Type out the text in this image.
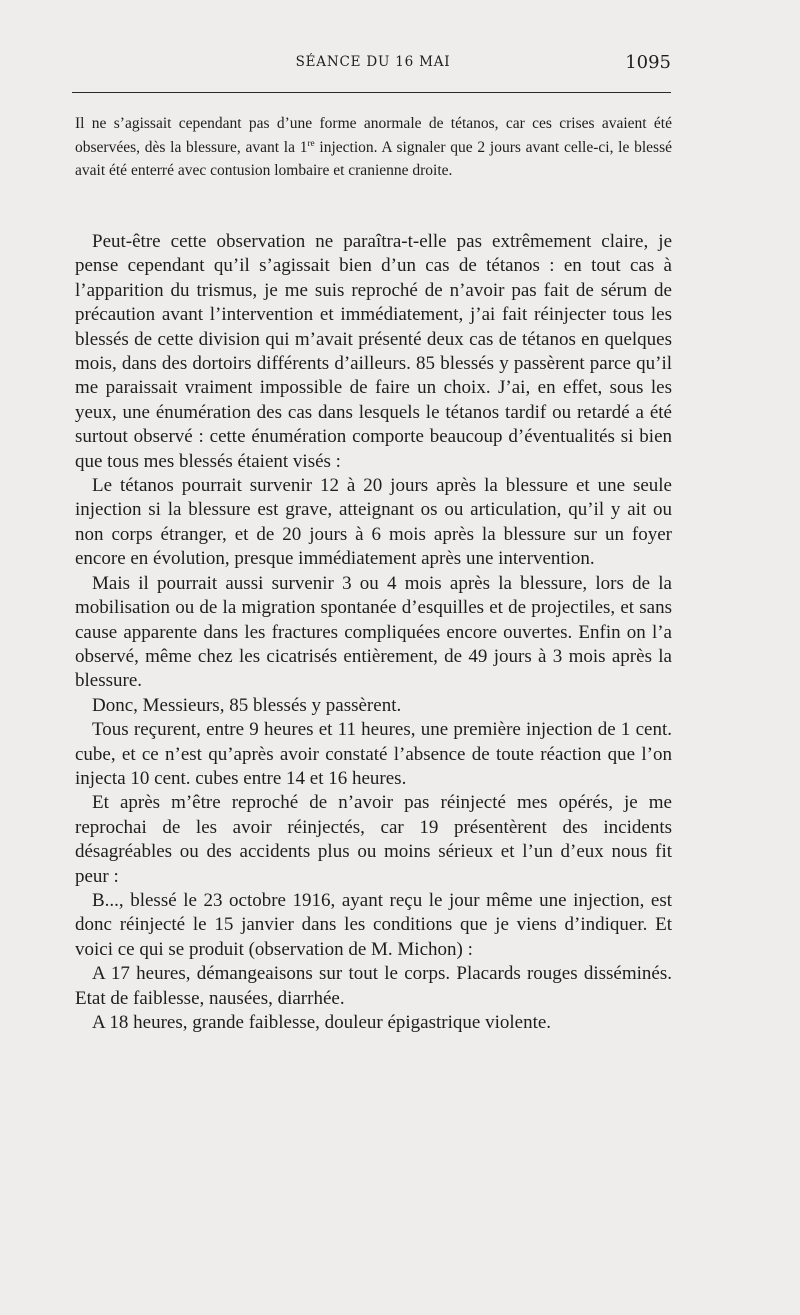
SÉANCE DU 16 MAI	1095

Il ne s’agissait cependant pas d’une forme anormale de tétanos, car ces crises avaient été observées, dès la blessure, avant la 1re injection. A signaler que 2 jours avant celle-ci, le blessé avait été enterré avec contusion lombaire et cranienne droite.

Peut-être cette observation ne paraîtra-t-elle pas extrêmement claire, je pense cependant qu’il s’agissait bien d’un cas de tétanos : en tout cas à l’apparition du trismus, je me suis reproché de n’avoir pas fait de sérum de précaution avant l’intervention et immédiatement, j’ai fait réinjecter tous les blessés de cette division qui m’avait présenté deux cas de tétanos en quelques mois, dans des dortoirs différents d’ailleurs. 85 blessés y passèrent parce qu’il me paraissait vraiment impossible de faire un choix. J’ai, en effet, sous les yeux, une énumération des cas dans lesquels le tétanos tardif ou retardé a été surtout observé : cette énumération comporte beaucoup d’éventualités si bien que tous mes blessés étaient visés :

Le tétanos pourrait survenir 12 à 20 jours après la blessure et une seule injection si la blessure est grave, atteignant os ou articulation, qu’il y ait ou non corps étranger, et de 20 jours à 6 mois après la blessure sur un foyer encore en évolution, presque immédiatement après une intervention.

Mais il pourrait aussi survenir 3 ou 4 mois après la blessure, lors de la mobilisation ou de la migration spontanée d’esquilles et de projectiles, et sans cause apparente dans les fractures compliquées encore ouvertes. Enfin on l’a observé, même chez les cicatrisés entièrement, de 49 jours à 3 mois après la blessure.

Donc, Messieurs, 85 blessés y passèrent.

Tous reçurent, entre 9 heures et 11 heures, une première injection de 1 cent. cube, et ce n’est qu’après avoir constaté l’absence de toute réaction que l’on injecta 10 cent. cubes entre 14 et 16 heures.

Et après m’être reproché de n’avoir pas réinjecté mes opérés, je me reprochai de les avoir réinjectés, car 19 présentèrent des incidents désagréables ou des accidents plus ou moins sérieux et l’un d’eux nous fit peur :

B..., blessé le 23 octobre 1916, ayant reçu le jour même une injection, est donc réinjecté le 15 janvier dans les conditions que je viens d’indiquer. Et voici ce qui se produit (observation de M. Michon) :

A 17 heures, démangeaisons sur tout le corps. Placards rouges disséminés. Etat de faiblesse, nausées, diarrhée.

A 18 heures, grande faiblesse, douleur épigastrique violente.
